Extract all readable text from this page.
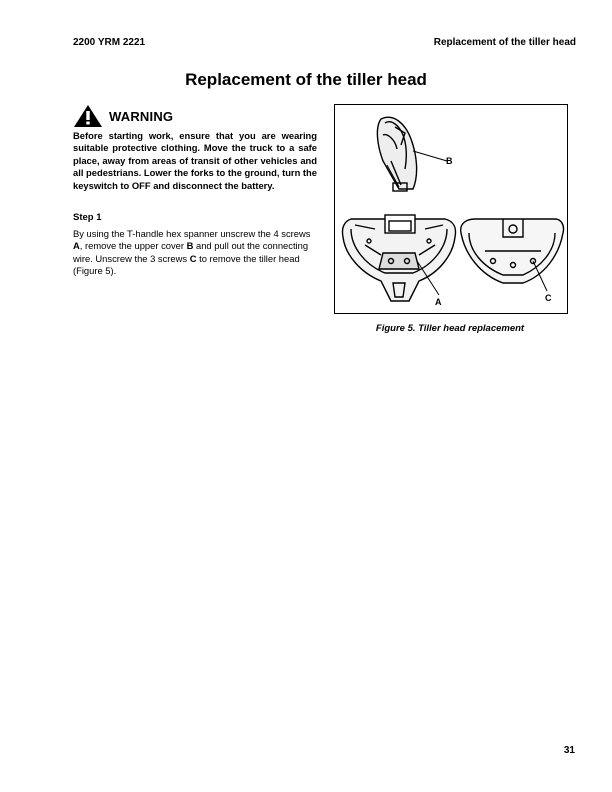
2200 YRM 2221	Replacement of the tiller head
Replacement of the tiller head
WARNING
Before starting work, ensure that you are wearing suitable protective clothing. Move the truck to a safe place, away from areas of transit of other vehicles and all pedestrians. Lower the forks to the ground, turn the keyswitch to OFF and disconnect the battery.
Step 1
By using the T-handle hex spanner unscrew the 4 screws A, remove the upper cover B and pull out the connecting wire. Unscrew the 3 screws C to remove the tiller head (Figure 5).
B
A	C
Figure 5. Tiller head replacement
31
